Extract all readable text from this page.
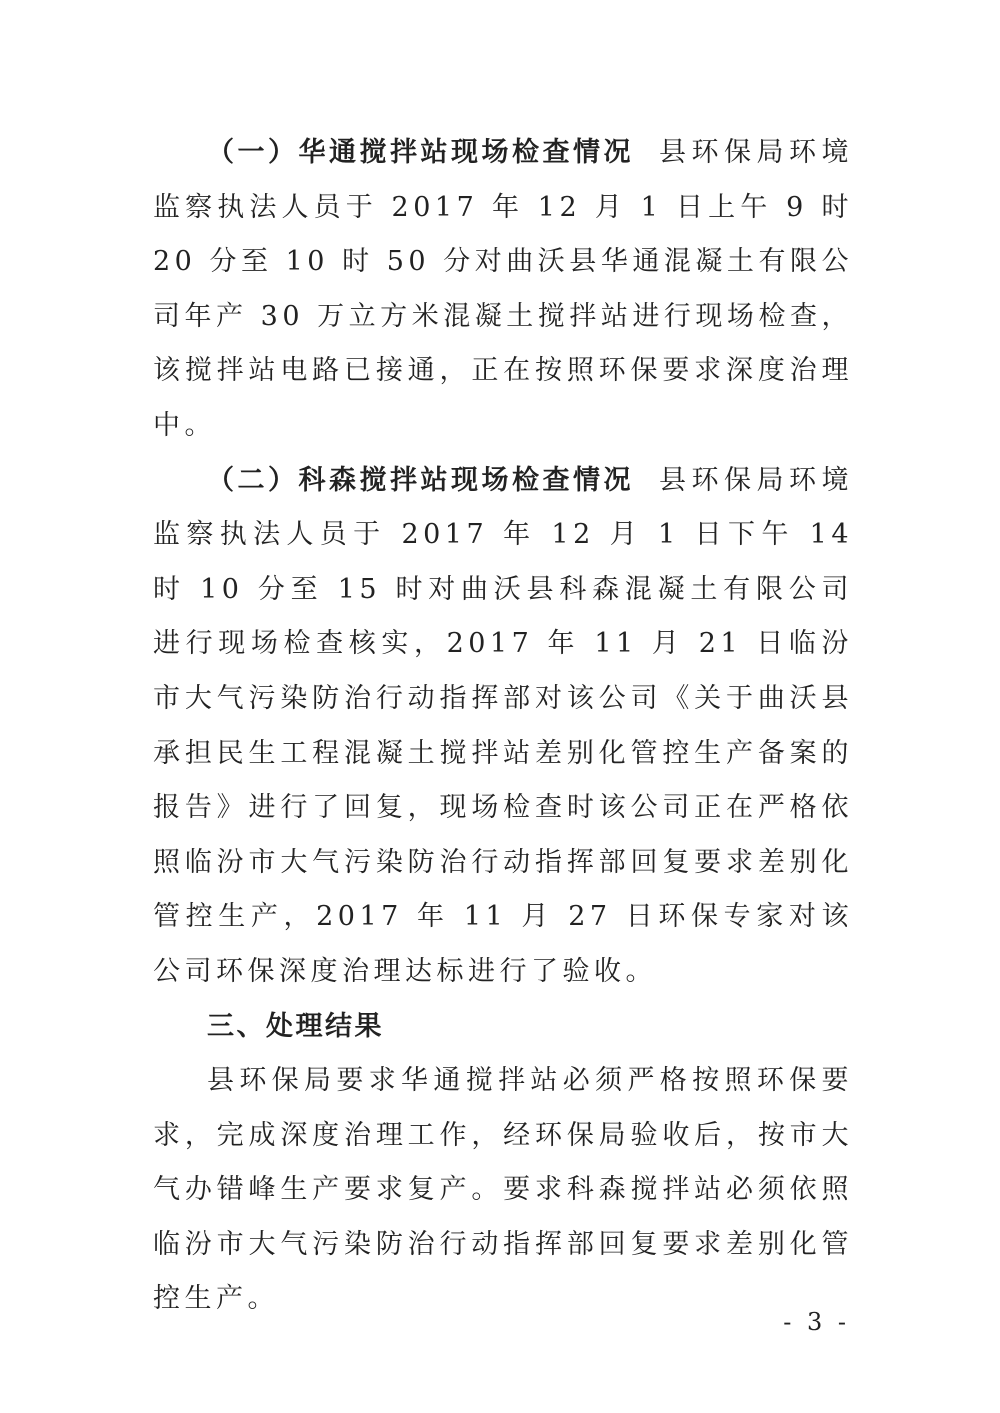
（一）华通搅拌站现场检查情况 县环保局环境监察执法人员于 2017 年 12 月 1 日上午 9 时 20 分至 10 时 50 分对曲沃县华通混凝土有限公司年产 30 万立方米混凝土搅拌站进行现场检查，该搅拌站电路已接通，正在按照环保要求深度治理中。

（二）科森搅拌站现场检查情况 县环保局环境监察执法人员于 2017 年 12 月 1 日下午 14 时 10 分至 15 时对曲沃县科森混凝土有限公司进行现场检查核实，2017 年 11 月 21 日临汾市大气污染防治行动指挥部对该公司《关于曲沃县承担民生工程混凝土搅拌站差别化管控生产备案的报告》进行了回复，现场检查时该公司正在严格依照临汾市大气污染防治行动指挥部回复要求差别化管控生产，2017 年 11 月 27 日环保专家对该公司环保深度治理达标进行了验收。

三、处理结果

县环保局要求华通搅拌站必须严格按照环保要求，完成深度治理工作，经环保局验收后，按市大气办错峰生产要求复产。要求科森搅拌站必须依照临汾市大气污染防治行动指挥部回复要求差别化管控生产。

- 3 -
